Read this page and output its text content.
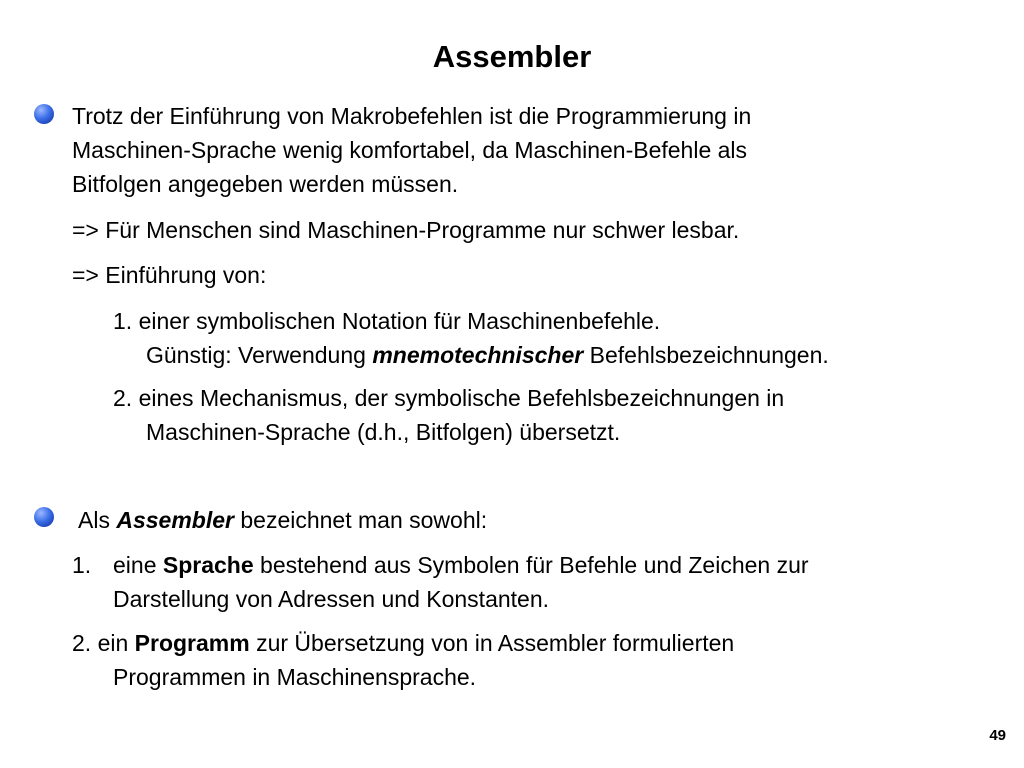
Assembler
Trotz der Einführung von Makrobefehlen ist die Programmierung in
Maschinen-Sprache wenig komfortabel, da Maschinen-Befehle als
Bitfolgen angegeben werden müssen.
=> Für Menschen sind Maschinen-Programme nur schwer lesbar.
=> Einführung von:
1. einer symbolischen Notation für Maschinenbefehle.
Günstig: Verwendung mnemotechnischer Befehlsbezeichnungen.
2. eines Mechanismus, der symbolische Befehlsbezeichnungen in
Maschinen-Sprache (d.h., Bitfolgen) übersetzt.
Als Assembler bezeichnet man sowohl:
1. eine Sprache bestehend aus Symbolen für Befehle und Zeichen zur
Darstellung von Adressen und Konstanten.
2. ein Programm zur Übersetzung von in Assembler formulierten
Programmen in Maschinensprache.
49
